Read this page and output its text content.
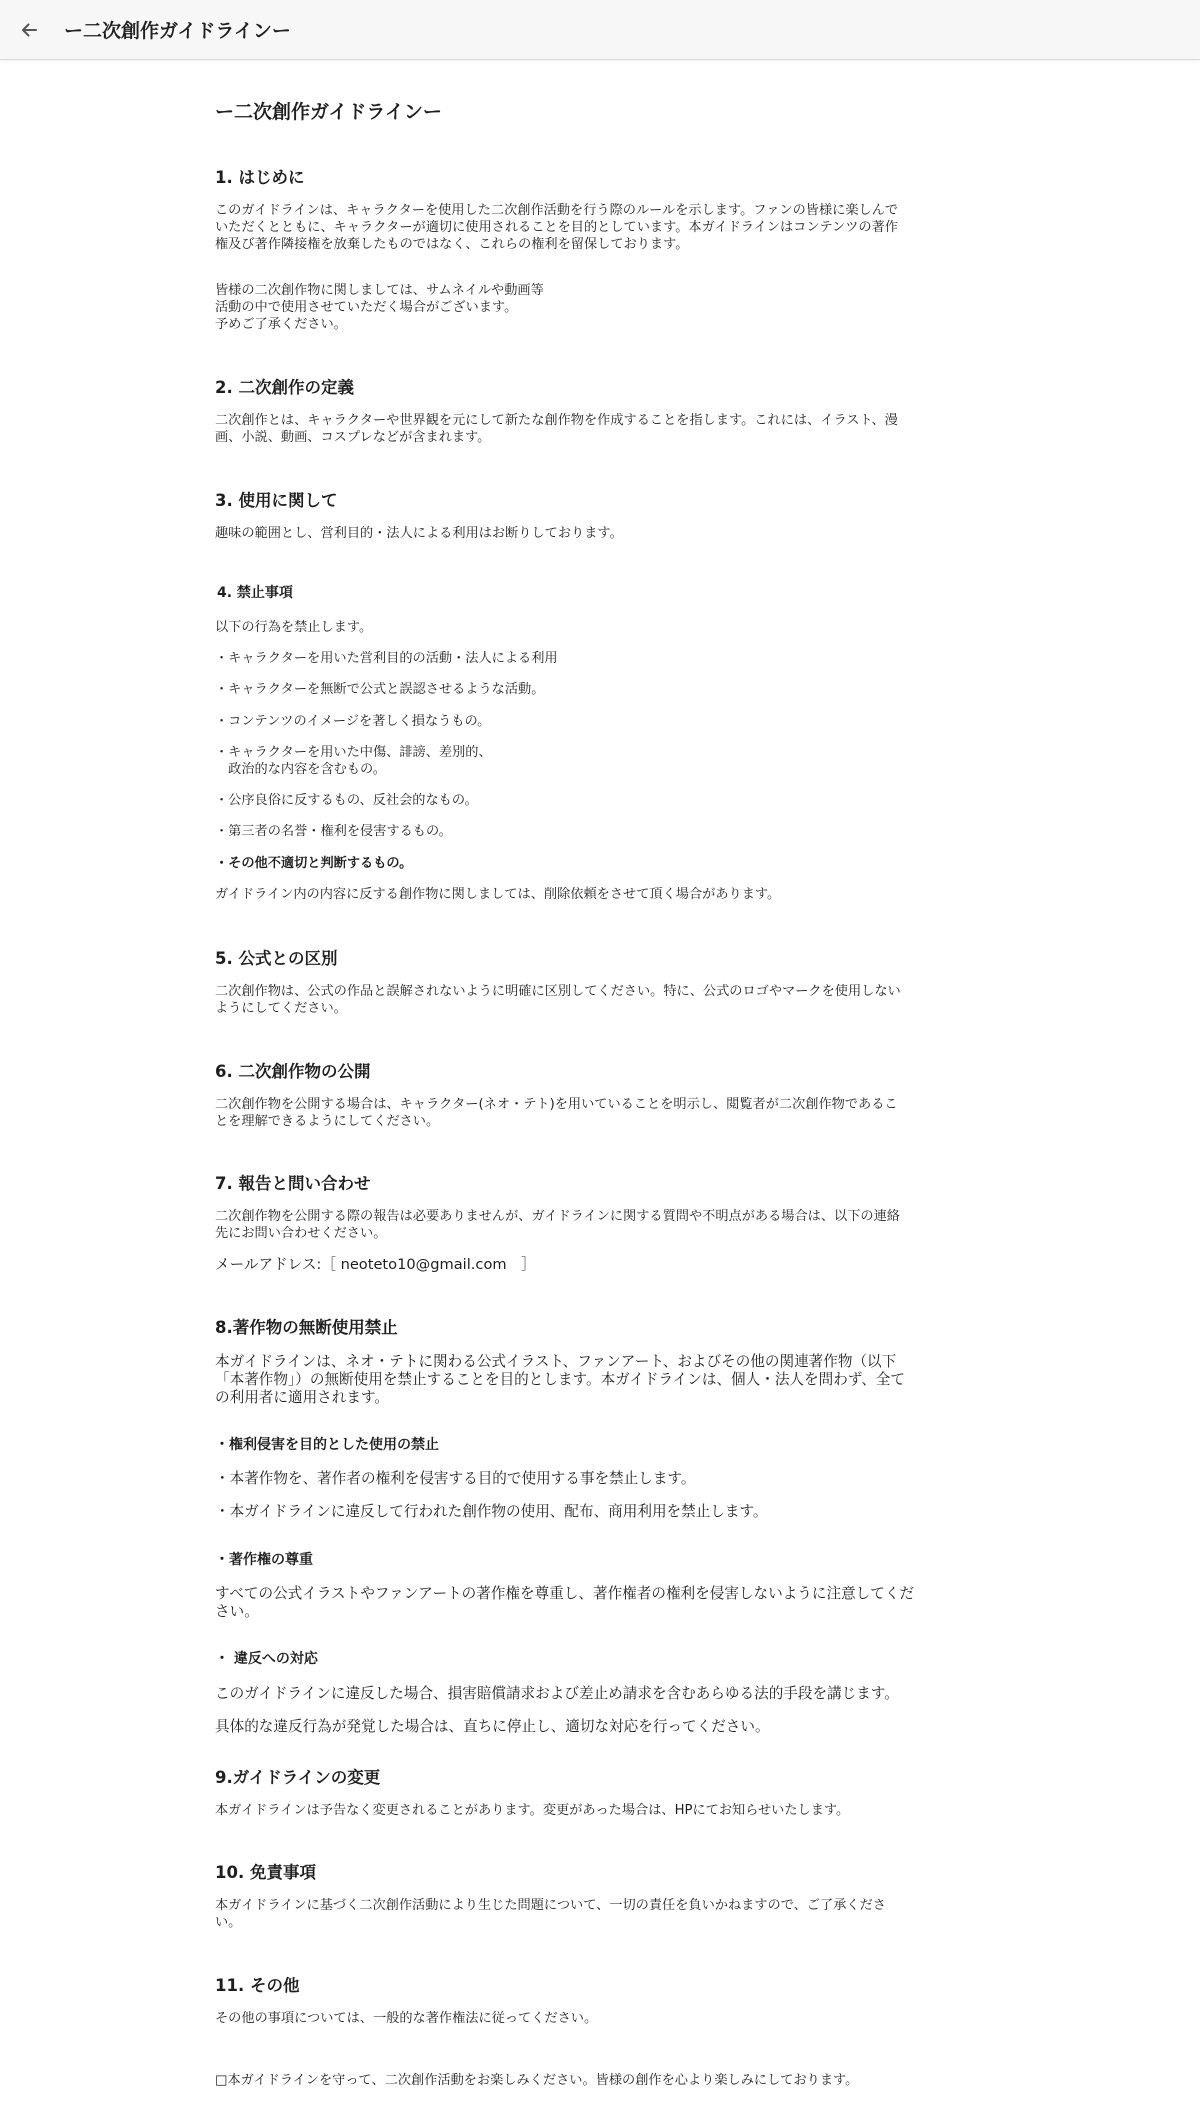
ー二次創作ガイドラインー
ー二次創作ガイドラインー
1. はじめに
このガイドラインは、キャラクターを使用した二次創作活動を行う際のルールを示します。ファンの皆様に楽しんで
いただくとともに、キャラクターが適切に使用されることを目的としています。本ガイドラインはコンテンツの著作
権及び著作隣接権を放棄したものではなく、これらの権利を留保しております。
皆様の二次創作物に関しましては、サムネイルや動画等
活動の中で使用させていただく場合がございます。
予めご了承ください。
2. 二次創作の定義
二次創作とは、キャラクターや世界観を元にして新たな創作物を作成することを指します。これには、イラスト、漫
画、小説、動画、コスプレなどが含まれます。
3. 使用に関して
趣味の範囲とし、営利目的・法人による利用はお断りしております。
4. 禁止事項
以下の行為を禁止します。
・キャラクターを用いた営利目的の活動・法人による利用
・キャラクターを無断で公式と誤認させるような活動。
・コンテンツのイメージを著しく損なうもの。
・キャラクターを用いた中傷、誹謗、差別的、
　政治的な内容を含むもの。
・公序良俗に反するもの、反社会的なもの。
・第三者の名誉・権利を侵害するもの。
・その他不適切と判断するもの。
ガイドライン内の内容に反する創作物に関しましては、削除依頼をさせて頂く場合があります。
5. 公式との区別
二次創作物は、公式の作品と誤解されないように明確に区別してください。特に、公式のロゴやマークを使用しない
ようにしてください。
6. 二次創作物の公開
二次創作物を公開する場合は、キャラクター(ネオ・テト)を用いていることを明示し、閲覧者が二次創作物であるこ
とを理解できるようにしてください。
7. 報告と問い合わせ
二次創作物を公開する際の報告は必要ありませんが、ガイドラインに関する質問や不明点がある場合は、以下の連絡
先にお問い合わせください。
メールアドレス:［ neoteto10@gmail.com　］
8.著作物の無断使用禁止
本ガイドラインは、ネオ・テトに関わる公式イラスト、ファンアート、およびその他の関連著作物（以下
「本著作物」）の無断使用を禁止することを目的とします。本ガイドラインは、個人・法人を問わず、全て
の利用者に適用されます。
・権利侵害を目的とした使用の禁止
・本著作物を、著作者の権利を侵害する目的で使用する事を禁止します。
・本ガイドラインに違反して行われた創作物の使用、配布、商用利用を禁止します。
・著作権の尊重
すべての公式イラストやファンアートの著作権を尊重し、著作権者の権利を侵害しないように注意してくだ
さい。
・ 違反への対応
このガイドラインに違反した場合、損害賠償請求および差止め請求を含むあらゆる法的手段を講じます。
具体的な違反行為が発覚した場合は、直ちに停止し、適切な対応を行ってください。
9.ガイドラインの変更
本ガイドラインは予告なく変更されることがあります。変更があった場合は、HPにてお知らせいたします。
10. 免責事項
本ガイドラインに基づく二次創作活動により生じた問題について、一切の責任を負いかねますので、ご了承くださ
い。
11. その他
その他の事項については、一般的な著作権法に従ってください。
□本ガイドラインを守って、二次創作活動をお楽しみください。皆様の創作を心より楽しみにしております。
